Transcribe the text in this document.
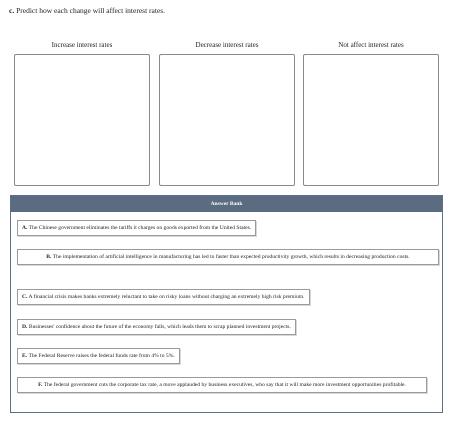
c. Predict how each change will affect interest rates.
Increase interest rates	Decrease interest rates	Not affect interest rates
Answer Bank
A. The Chinese government eliminates the tariffs it charges on goods exported from the United States.
B. The implementation of artificial intelligence in manufacturing has led to faster than expected productivity growth, which results in decreasing production costs.
C. A financial crisis makes banks extremely reluctant to take on risky loans without charging an extremely high risk premium.
D. Businesses' confidence about the future of the economy falls, which leads them to scrap planned investment projects.
E. The Federal Reserve raises the federal funds rate from 4% to 5%.
F. The federal government cuts the corporate tax rate, a move applauded by business executives, who say that it will make more investment opportunities profitable.
